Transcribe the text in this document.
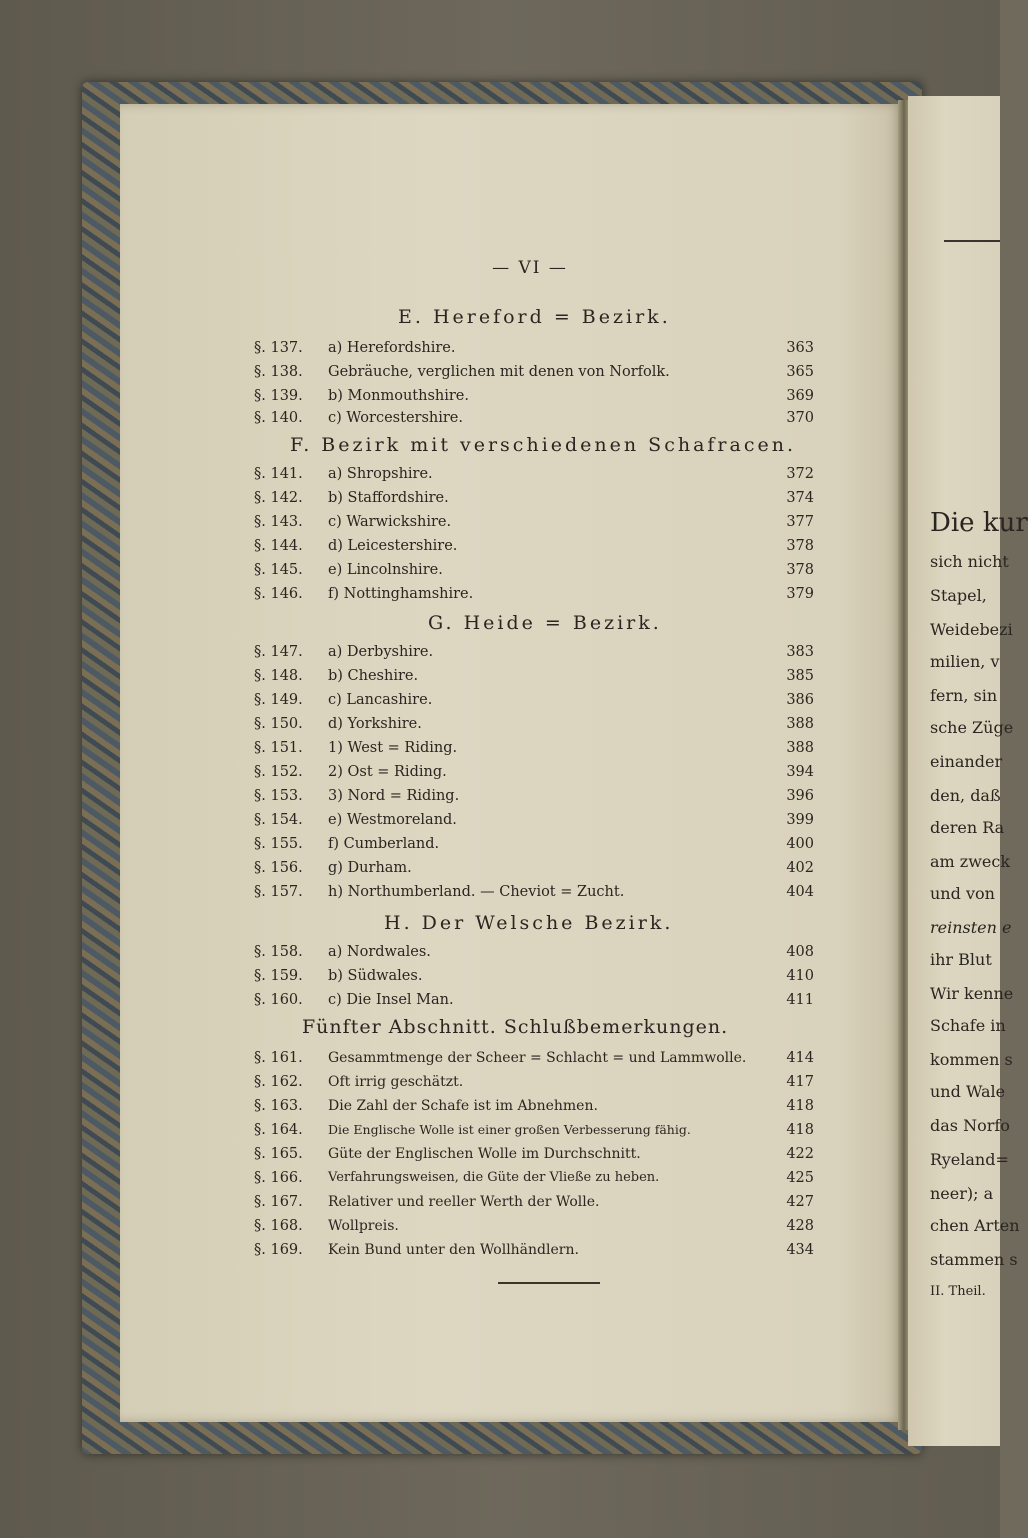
— VI —
E. Hereford = Bezirk.
§. 137.	a) Herefordshire.	363
§. 138.	Gebräuche, verglichen mit denen von Norfolk.	365
§. 139.	b) Monmouthshire.	369
§. 140.	c) Worcestershire.	370
F. Bezirk mit verschiedenen Schafracen.
§. 141.	a) Shropshire.	372
§. 142.	b) Staffordshire.	374
§. 143.	c) Warwickshire.	377
§. 144.	d) Leicestershire.	378
§. 145.	e) Lincolnshire.	378
§. 146.	f) Nottinghamshire.	379
G. Heide = Bezirk.
§. 147.	a) Derbyshire.	383
§. 148.	b) Cheshire.	385
§. 149.	c) Lancashire.	386
§. 150.	d) Yorkshire.	388
§. 151.	1) West = Riding.	388
§. 152.	2) Ost = Riding.	394
§. 153.	3) Nord = Riding.	396
§. 154.	e) Westmoreland.	399
§. 155.	f) Cumberland.	400
§. 156.	g) Durham.	402
§. 157.	h) Northumberland. — Cheviot = Zucht.	404
H. Der Welsche Bezirk.
§. 158.	a) Nordwales.	408
§. 159.	b) Südwales.	410
§. 160.	c) Die Insel Man.	411
Fünfter Abschnitt. Schlußbemerkungen.
§. 161.	Gesammtmenge der Scheer = Schlacht = und Lammwolle.	414
§. 162.	Oft irrig geschätzt.	417
§. 163.	Die Zahl der Schafe ist im Abnehmen.	418
§. 164.	Die Englische Wolle ist einer großen Verbesserung fähig.	418
§. 165.	Güte der Englischen Wolle im Durchschnitt.	422
§. 166.	Verfahrungsweisen, die Güte der Vließe zu heben.	425
§. 167.	Relativer und reeller Werth der Wolle.	427
§. 168.	Wollpreis.	428
§. 169.	Kein Bund unter den Wollhändlern.	434
Die kur
sich nicht
Stapel,
Weidebezi
milien, v
fern, sin
sche Züge
einander
den, daß
deren Ra
am zweck
und von
reinsten e
ihr Blut
Wir kenne
Schafe in
kommen s
und Wale
das Norfo
Ryeland=
neer); a
chen Arten
stammen s
II. Theil.
